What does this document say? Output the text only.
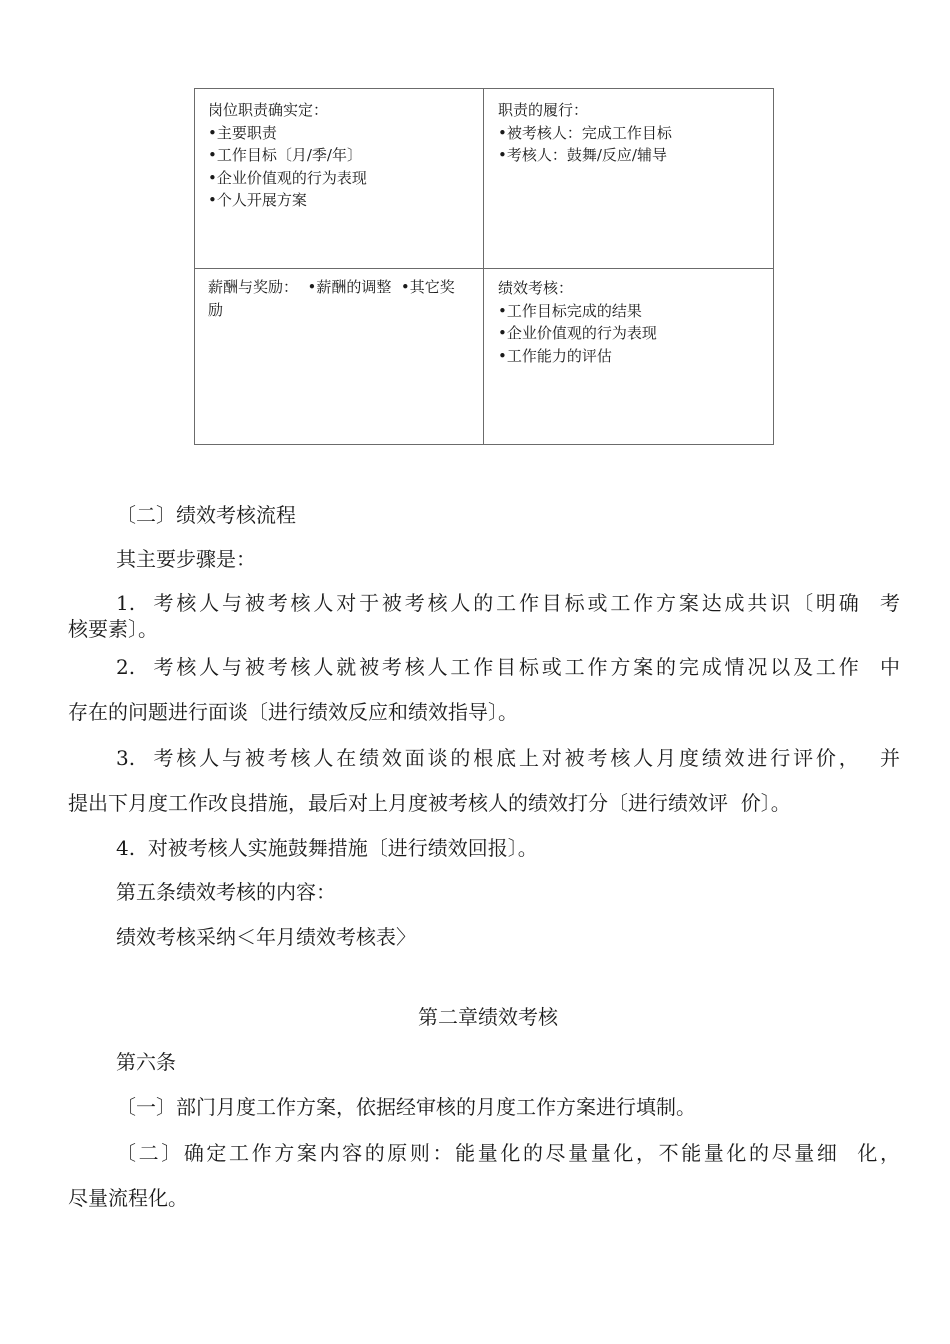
岗位职责确实定：
•主要职责
•工作目标〔月/季/年〕
•企业价值观的行为表现
•个人开展方案
职责的履行：
•被考核人：完成工作目标
•考核人：鼓舞/反应/辅导
薪酬与奖励：  •薪酬的调整  •其它奖
励
绩效考核：
•工作目标完成的结果
•企业价值观的行为表现
•工作能力的评估
〔二〕绩效考核流程
其主要步骤是：
1.  考核人与被考核人对于被考核人的工作目标或工作方案达成共识〔明确  考
核要素〕。
2.  考核人与被考核人就被考核人工作目标或工作方案的完成情况以及工作  中
存在的问题进行面谈〔进行绩效反应和绩效指导〕。
3.  考核人与被考核人在绩效面谈的根底上对被考核人月度绩效进行评价，  并
提出下月度工作改良措施，最后对上月度被考核人的绩效打分〔进行绩效评  价〕。
4.  对被考核人实施鼓舞措施〔进行绩效回报〕。
第五条绩效考核的内容：
绩效考核采纳＜年月绩效考核表〉
第二章绩效考核
第六条
〔一〕部门月度工作方案，依据经审核的月度工作方案进行填制。
〔二〕确定工作方案内容的原则：能量化的尽量量化，不能量化的尽量细  化，
尽量流程化。
